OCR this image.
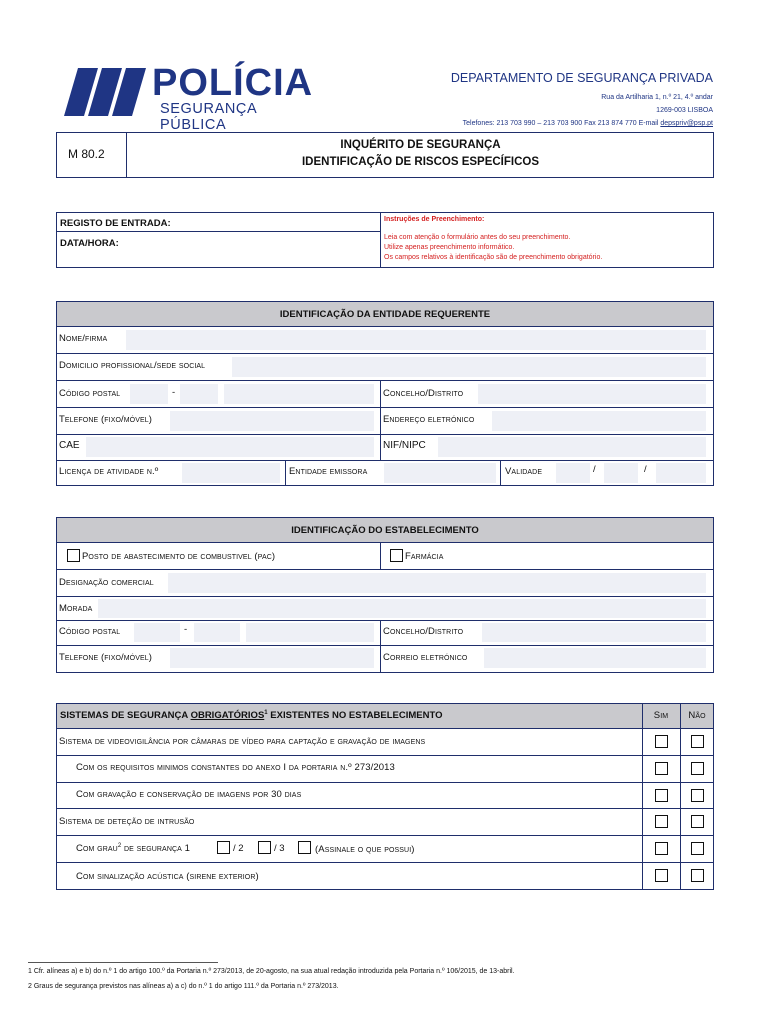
POLÍCIA
SEGURANÇA PÚBLICA
DEPARTAMENTO DE SEGURANÇA PRIVADA
Rua da Artilharia 1, n.º 21, 4.º andar
1269-003 LISBOA
Telefones: 213 703 990 – 213 703 900 Fax 213 874 770 E-mail depspriv@psp.pt
M 80.2
INQUÉRITO DE SEGURANÇA
IDENTIFICAÇÃO DE RISCOS ESPECÍFICOS
REGISTO DE ENTRADA:
DATA/HORA:
Instruções de Preenchimento:
Leia com atenção o formulário antes do seu preenchimento.
Utilize apenas preenchimento informático.
Os campos relativos à identificação são de preenchimento obrigatório.
IDENTIFICAÇÃO DA ENTIDADE REQUERENTE
Nome/firma
Domicilio profissional/sede social
Código postal	-	Concelho/Distrito
Telefone (fixo/móvel)	Endereço eletrónico
CAE	NIF/NIPC
Licença de atividade n.º	Entidade emissora	Validade	/	/
IDENTIFICAÇÃO DO ESTABELECIMENTO
Posto de abastecimento de combustivel (pac)	Farmácia
Designação comercial
Morada
Código postal	-	Concelho/Distrito
Telefone (fixo/móvel)	Correio eletrónico
SISTEMAS DE SEGURANÇA OBRIGATÓRIOS$^1$ EXISTENTES NO ESTABELECIMENTO	Sim	Não
Sistema de videovigilância por câmaras de vídeo para captação e gravação de imagens
Com os requisitos minimos constantes do anexo I da portaria n.º 273/2013
Com gravação e conservação de imagens por 30 dias
Sistema de deteção de intrusão
Com grau$^2$ de segurança 1	/ 2	/ 3	(Assinale o que possui)
Com sinalização acústica (sirene exterior)
1 Cfr. alíneas a) e b) do n.º 1 do artigo 100.º da Portaria n.º 273/2013, de 20-agosto, na sua atual redação introduzida pela Portaria n.º 106/2015, de 13-abril.
2 Graus de segurança previstos nas alíneas a) a c) do n.º 1 do artigo 111.º da Portaria n.º 273/2013.
